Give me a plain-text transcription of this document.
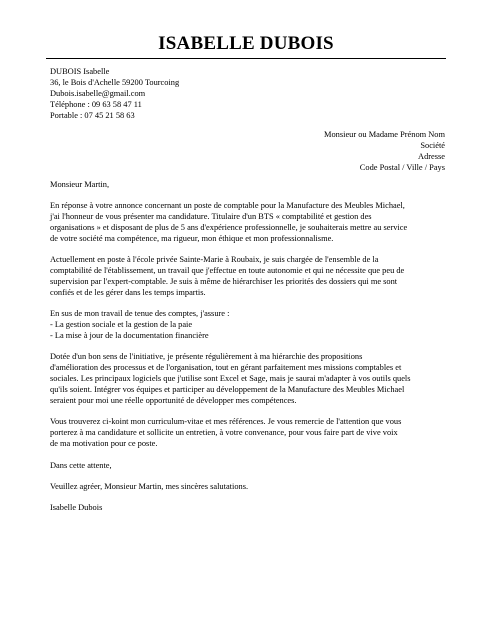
ISABELLE DUBOIS
DUBOIS Isabelle
36, le Bois d'Achelle 59200 Tourcoing
Dubois.isabelle@gmail.com
Téléphone : 09 63 58 47 11
Portable : 07 45 21 58 63
Monsieur ou Madame Prénom Nom
Société
Adresse
Code Postal / Ville / Pays

Monsieur Martin,

En réponse à votre annonce concernant un poste de comptable pour la Manufacture des Meubles Michael,
j'ai l'honneur de vous présenter ma candidature. Titulaire d'un BTS « comptabilité et gestion des
organisations » et disposant de plus de 5 ans d'expérience professionnelle, je souhaiterais mettre au service
de votre société ma compétence, ma rigueur, mon éthique et mon professionnalisme.
Actuellement en poste à l'école privée Sainte-Marie à Roubaix, je suis chargée de l'ensemble de la
comptabilité de l'établissement, un travail que j'effectue en toute autonomie et qui ne nécessite que peu de
supervision par l'expert-comptable. Je suis à même de hiérarchiser les priorités des dossiers qui me sont
confiés et de les gérer dans les temps impartis.
En sus de mon travail de tenue des comptes, j'assure :
- La gestion sociale et la gestion de la paie
- La mise à jour de la documentation financière
Dotée d'un bon sens de l'initiative, je présente régulièrement à ma hiérarchie des propositions
d'amélioration des processus et de l'organisation, tout en gérant parfaitement mes missions comptables et
sociales. Les principaux logiciels que j'utilise sont Excel et Sage, mais je saurai m'adapter à vos outils quels
qu'ils soient. Intégrer vos équipes et participer au développement de la Manufacture des Meubles Michael
seraient pour moi une réelle opportunité de développer mes compétences.
Vous trouverez ci-koint mon curriculum-vitae et mes références. Je vous remercie de l'attention que vous
porterez à ma candidature et sollicite un entretien, à votre convenance, pour vous faire part de vive voix
de ma motivation pour ce poste.

Dans cette attente,

Veuillez agréer, Monsieur Martin, mes sincères salutations.

Isabelle Dubois
